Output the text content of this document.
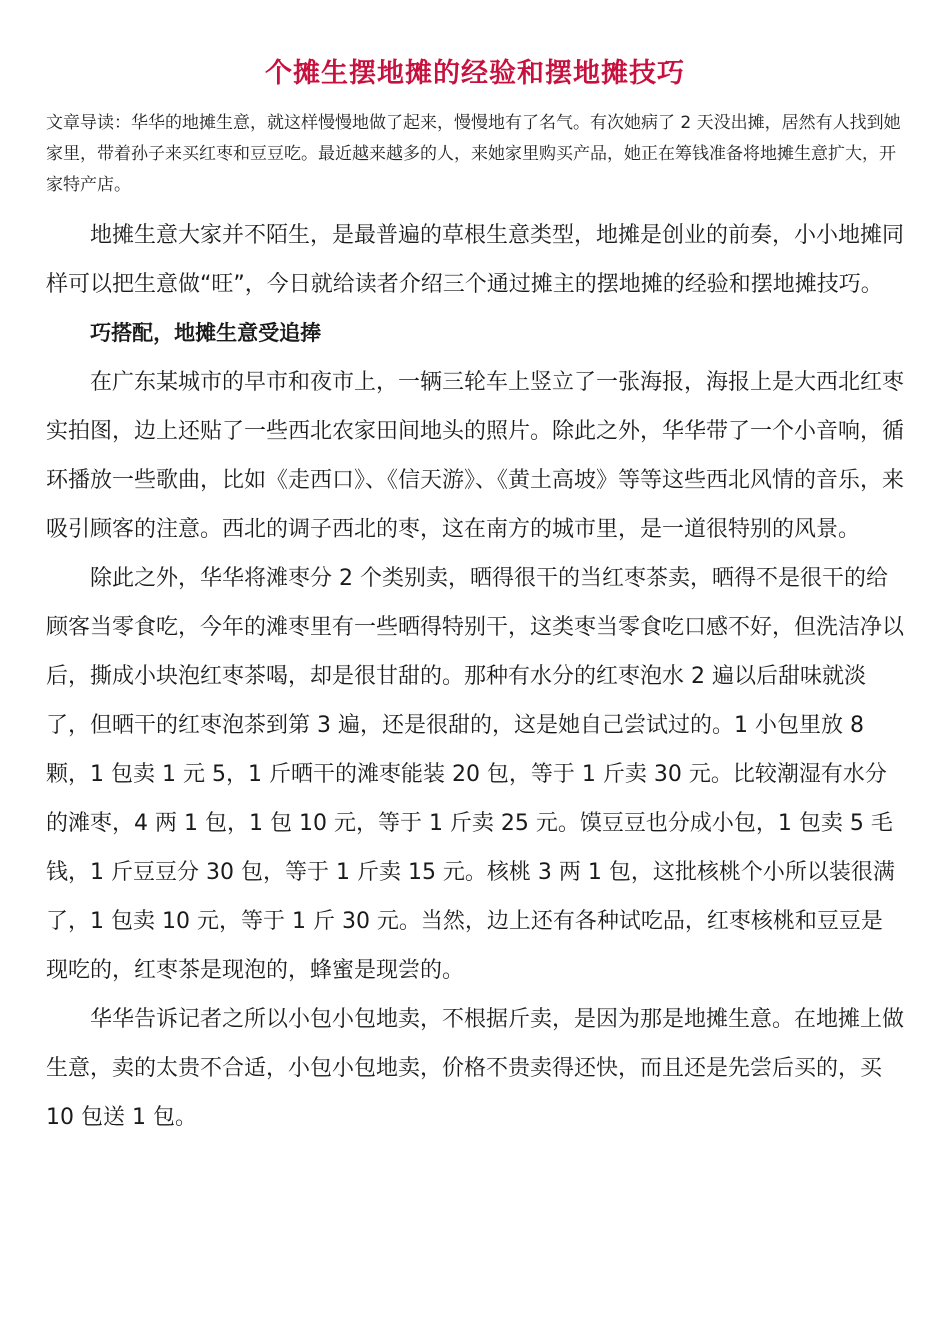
个摊生摆地摊的经验和摆地摊技巧

文章导读：华华的地摊生意，就这样慢慢地做了起来，慢慢地有了名气。有次她病了 2 天没出摊，居然有人找到她家里，带着孙子来买红枣和豆豆吃。最近越来越多的人，来她家里购买产品，她正在筹钱准备将地摊生意扩大，开家特产店。

地摊生意大家并不陌生，是最普遍的草根生意类型，地摊是创业的前奏，小小地摊同样可以把生意做“旺”，今日就给读者介绍三个通过摊主的摆地摊的经验和摆地摊技巧。

巧搭配，地摊生意受追捧

在广东某城市的早市和夜市上，一辆三轮车上竖立了一张海报，海报上是大西北红枣实拍图，边上还贴了一些西北农家田间地头的照片。除此之外，华华带了一个小音响，循环播放一些歌曲，比如《走西口》、《信天游》、《黄土高坡》等等这些西北风情的音乐，来吸引顾客的注意。西北的调子西北的枣，这在南方的城市里，是一道很特别的风景。

除此之外，华华将滩枣分 2 个类别卖，晒得很干的当红枣茶卖，晒得不是很干的给顾客当零食吃，今年的滩枣里有一些晒得特别干，这类枣当零食吃口感不好，但洗洁净以后，撕成小块泡红枣茶喝，却是很甘甜的。那种有水分的红枣泡水 2 遍以后甜味就淡了，但晒干的红枣泡茶到第 3 遍，还是很甜的，这是她自己尝试过的。1 小包里放 8 颗，1 包卖 1 元 5，1 斤晒干的滩枣能装 20 包，等于 1 斤卖 30 元。比较潮湿有水分的滩枣，4 两 1 包，1 包 10 元，等于 1 斤卖 25 元。馍豆豆也分成小包，1 包卖 5 毛钱，1 斤豆豆分 30 包，等于 1 斤卖 15 元。核桃 3 两 1 包，这批核桃个小所以装很满了，1 包卖 10 元，等于 1 斤 30 元。当然，边上还有各种试吃品，红枣核桃和豆豆是现吃的，红枣茶是现泡的，蜂蜜是现尝的。

华华告诉记者之所以小包小包地卖，不根据斤卖，是因为那是地摊生意。在地摊上做生意，卖的太贵不合适，小包小包地卖，价格不贵卖得还快，而且还是先尝后买的，买 10 包送 1 包。
